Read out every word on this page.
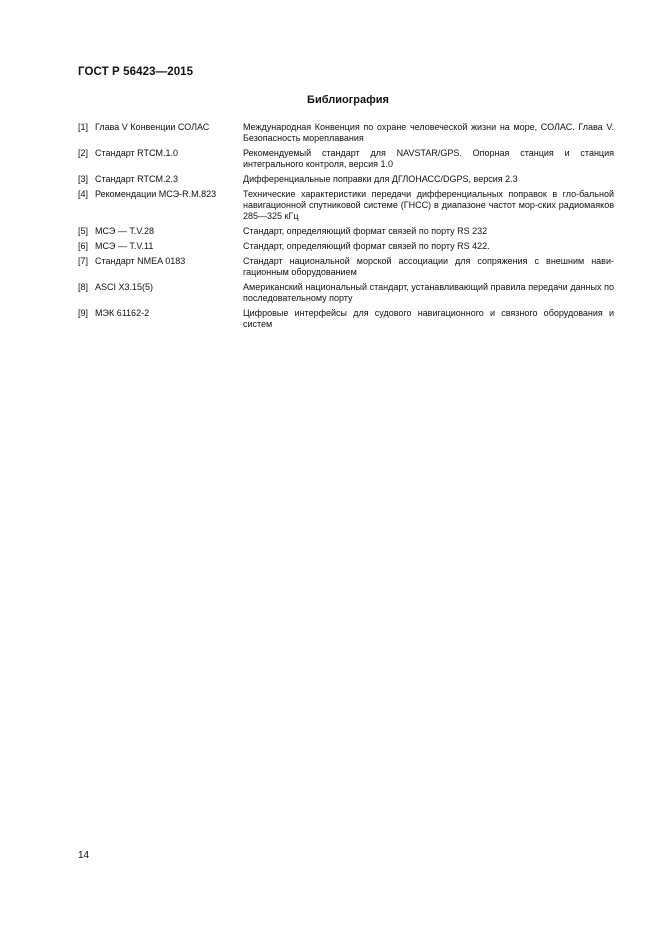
ГОСТ Р 56423—2015
Библиография
[1] Глава V Конвенции СОЛАС	Международная Конвенция по охране человеческой жизни на море, СОЛАС. Глава V. Безопасность мореплавания
[2] Стандарт RTCM.1.0	Рекомендуемый стандарт для NAVSTAR/GPS. Опорная станция и станция интегрального контроля, версия 1.0
[3] Стандарт RTCM.2.3	Дифференциальные поправки для ДГЛОНАСС/DGPS, версия 2.3
[4] Рекомендации МСЭ-R.M.823	Технические характеристики передачи дифференциальных поправок в гло-бальной навигационной спутниковой системе (ГНСС) в диапазоне частот мор-ских радиомаяков 285—325 кГц
[5] МСЭ — T.V.28	Стандарт, определяющий формат связей по порту RS 232
[6] МСЭ — T.V.11	Стандарт, определяющий формат связей по порту RS 422.
[7] Стандарт NMEA 0183	Стандарт национальной морской ассоциации для сопряжения с внешним нави-гационным оборудованием
[8] ASCI X3.15(5)	Американский национальный стандарт, устанавливающий правила передачи данных по последовательному порту
[9] МЭК 61162-2	Цифровые интерфейсы для судового навигационного и связного оборудования и систем
14
